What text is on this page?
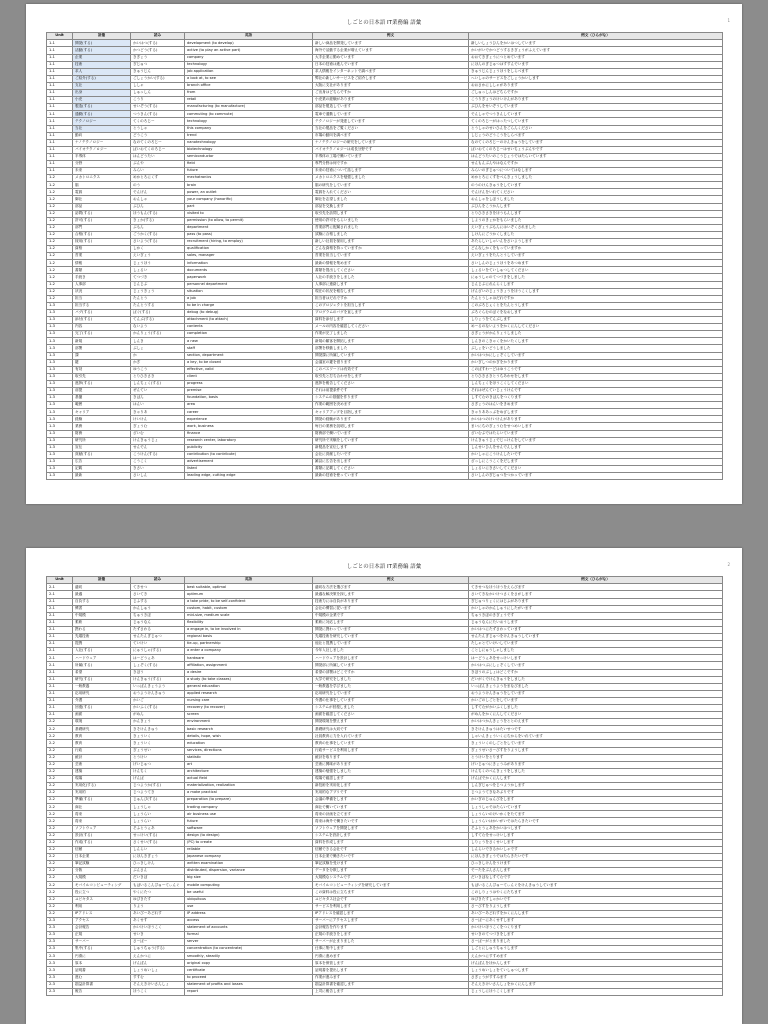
しごとの日本語 IT業務編 語彙	1
Unit	語彙	読み	英語	例文	例文（ひらがな）
1-1	開発(する)	かいはつ(する)	development (to develop)	新しい商品を開発しています	新しいしょうひんをかいはつしています
1-1	活動(する)	かつどう(する)	active (to play an active part)	海外で活動する企業が増えています	かいがいでかつどうするきぎょうがふえています
1-1	企業	きぎょう	company	大手企業に勤めています	おおてきぎょうにつとめています
1-1	技術	ぎじゅつ	technology	日本の技術は進んでいます	にほんのぎじゅつはすすんでいます
1-1	求人	きゅうじん	job application	求人情報をインターネットで調べます	きゅうじんじょうほうをしらべます
1-1	ご紹介(する)	ごしょうかい(する)	a look at, to see	弊社の新しいサービスをご紹介します	へいしゃのサービスをごしょうかいします
1-1	支社	ししゃ	branch office	大阪に支社があります	おおさかにししゃがあります
1-1	出身	しゅっしん	from	ご出身はどちらですか	ごしゅっしんはどちらですか
1-1	小売	こうり	retail	小売業の経験があります	こうりぎょうのけいけんがあります
1-1	製造(する)	せいぞう(する)	manufacturing (to manufacture)	部品を製造しています	ぶひんをせいぞうしています
1-1	通勤(する)	つうきん(する)	commuting (to commute)	電車で通勤しています	でんしゃでつうきんしています
1-1	テクノロジー	てくのろじー	technology	テクノロジーが発達しています	てくのろじーがはったつしています
1-1	当社	とうしゃ	this company	当社の製品をご覧ください	とうしゃのせいひんをごらんください
1-1	動向	どうこう	trend	市場の動向を調べます	しじょうのどうこうをしらべます
1-1	ナノテクノロジー	なのてくのろじー	nanotechnology	ナノテクノロジーの研究をしています	なのてくのろじーのけんきゅうをしています
1-1	バイオテクノロジー	ばいおてくのろじー	biotechnology	バイオテクノロジーは成長分野です	ばいおてくのろじーはせいちょうぶんやです
1-1	半導体	はんどうたい	semiconductor	半導体の工場で働いています	はんどうたいのこうじょうではたらいています
1-1	分野	ぶんや	field	専門分野は何ですか	せんもんぶんやはなんですか
1-1	未来	みらい	future	未来の技術について話します	みらいのぎじゅつについてはなします
1-2	メカトロニクス	めかとろにくす	mechatronics	メカトロニクスを勉強しました	めかとろにくすをべんきょうしました
1-2	脳	のう	brain	脳の研究をしています	のうのけんきゅうをしています
1-2	電源	でんげん	power, an outlet	電源を入れてください	でんげんをいれてください
1-2	御社	おんしゃ	your company (honorific)	御社を志望しました	おんしゃをしぼうしました
1-2	部品	ぶひん	part	部品を交換します	ぶひんをこうかんします
1-2	訪問(する)	ほうもん(する)	visited to	取引先を訪問します	とりひきさきをほうもんします
1-2	許可(する)	きょか(する)	permission (to allow, to permit)	使用の許可をもらいました	しようのきょかをもらいました
1-2	部門	ぶもん	department	営業部門に配属されました	えいぎょうぶもんにはいぞくされました
1-2	合格(する)	ごうかく(する)	pass (to pass)	試験に合格しました	しけんにごうかくしました
1-2	採用(する)	さいよう(する)	recruitment (hiring, to employ)	新しい社員を採用します	あたらしいしゃいんをさいようします
1-2	資格	しかく	qualification	どんな資格を持っていますか	どんなしかくをもっていますか
1-2	営業	えいぎょう	sales, manager	営業を担当しています	えいぎょうをたんとうしています
1-2	情報	じょうほう	information	最新の情報を集めます	さいしんのじょうほうをあつめます
1-2	書類	しょるい	documents	書類を提出してください	しょるいをていしゅつしてください
1-2	手続き	てつづき	paperwork	入社の手続きをしました	にゅうしゃのてつづきをしました
1-2	人事部	じんじぶ	personnel department	人事部に連絡します	じんじぶにれんらくします
1-2	状況	じょうきょう	situation	現在の状況を報告します	げんざいのじょうきょうをほうこくします
1-2	担当	たんとう	a job	担当者はだれですか	たんとうしゃはだれですか
1-3	担当する	たんとうする	to be in charge	このプロジェクトを担当します	このぷろじぇくとをたんとうします
1-3	バグ(する)	ばぐ(する)	debug (to debug)	プログラムのバグを直します	ぷろぐらむのばぐをなおします
1-3	添付(する)	てんぷ(する)	attachment (to attach)	資料を添付します	しりょうをてんぷします
1-3	内容	ないよう	contents	メールの内容を確認してください	めーるのないようをかくにんしてください
1-3	完了(する)	かんりょう(する)	completion	作業が完了しました	さぎょうがかんりょうしました
1-3	新規	しんき	a new	新規の顧客を開拓します	しんきのこきゃくをかいたくします
1-3	部署	ぶしょ	staff	部署を移動しました	ぶしょをいどうしました
1-3	課	か	section, department	開発課に所属しています	かいはつかにしょぞくしています
1-3	鍵	かぎ	a key, to be closed	会議室の鍵を借ります	かいぎしつのかぎをかります
1-3	有効	ゆうこう	effective, valid	このパスワードは有効です	このぱすわーどはゆうこうです
1-3	取引先	とりひきさき	client	取引先と打ち合わせをします	とりひきさきとうちあわせをします
1-3	進捗(する)	しんちょく(する)	progress	進捗を報告してください	しんちょくをほうこくしてください
1-3	前提	ぜんてい	premise	それは前提条件です	それはぜんていじょうけんです
1-3	基盤	きばん	foundation, basis	システムの基盤を作ります	しすてむのきばんをつくります
1-3	範囲	はんい	area	作業の範囲を決めます	さぎょうのはんいをきめます
1-3	キャリア	きゃりあ	career	キャリアアップを目指します	きゃりああっぷをめざします
1-3	経験	けいけん	experience	開発の経験があります	かいはつのけいけんがあります
1-3	業務	ぎょうむ	work, business	毎日の業務を説明します	まいにちのぎょうむをせつめいします
1-3	財務	ざいむ	finance	財務部で働いています	ざいむぶではたらいています
1-3	研究所	けんきゅうじょ	research center, laboratory	研究所で実験をしています	けんきゅうじょでじっけんをしています
1-3	宣伝	せんでん	publicity	新製品を宣伝します	しんせいひんをせんでんします
1-3	貢献(する)	こうけん(する)	contribution (to contribute)	会社に貢献したいです	かいしゃにこうけんしたいです
1-3	広告	こうこく	advertisement	雑誌に広告を出します	ざっしにこうこくをだします
1-3	記載	きさい	listed	書類に記載してください	しょるいにきさいしてください
1-3	最新	さいしん	leading edge, cutting edge	最新の技術を使っています	さいしんのぎじゅつをつかっています
しごとの日本語 IT業務編 語彙	2
Unit	語彙	読み	英語	例文	例文（ひらがな）
2-1	適切	てきせつ	best suitable, optimal	適切な方法を選びます	てきせつなほうほうをえらびます
2-1	最適	さいてき	optimum	最適な解決策を探します	さいてきなかいけつさくをさがします
2-1	自負する	じふする	a take pride, to be self-confident	技術力には自負があります	ぎじゅつりょくにはじふがあります
2-1	慣習	かんしゅう	custom, habit, custom	会社の慣習に従います	かいしゃのかんしゅうにしたがいます
2-1	中規模	ちゅうきぼ	mid-size, medium scale	中規模の企業です	ちゅうきぼのきぎょうです
2-1	柔軟	じゅうなん	flexibility	柔軟に対応します	じゅうなんにたいおうします
2-1	携わる	たずさわる	a engage in, to be involved in	開発に携わっています	かいはつにたずさわっています
2-1	先端技術	せんたんぎじゅつ	regional basis	先端技術を研究しています	せんたんぎじゅつをけんきゅうしています
2-1	提携	ていけい	tie-up, partnership	他社と提携しています	たしゃとていけいしています
2-1	入社(する)	にゅうしゃ(する)	a enter a company	今年入社しました	ことしにゅうしゃしました
2-1	ハードウェア	はーどうぇあ	hardware	ハードウェアを設計します	はーどうぇあをせっけいします
2-1	所属(する)	しょぞく(する)	affiliation, assignment	開発部に所属しています	かいはつぶにしょぞくしています
2-1	希望	きぼう	a desire	希望の部署はどこですか	きぼうのぶしょはどこですか
2-1	研究(する)	けんきゅう(する)	a study (to take classes)	大学で研究をしました	だいがくでけんきゅうをしました
2-1	一般教養	いっぱんきょうよう	general education	一般教養を学びました	いっぱんきょうようをまなびました
2-1	応用研究	おうようけんきゅう	applied research	応用研究をしています	おうようけんきゅうをしています
2-1	介護	かいご	nursing care	介護の仕事をしています	かいごのしごとをしています
2-1	回復(する)	かいふく(する)	recovery (to recover)	システムが回復しました	しすてむがかいふくしました
2-1	画面	がめん	screen	画面を確認してください	がめんをかくにんしてください
2-2	環境	かんきょう	environment	開発環境を整えます	かいはつかんきょうをととのえます
2-2	基礎研究	きそけんきゅう	basic research	基礎研究は大切です	きそけんきゅうはたいせつです
2-2	教育	きょういく	details, hope, wish	社員教育に力を入れています	しゃいんきょういくにちからをいれています
2-2	教育	きょういく	education	教育の仕事をしています	きょういくのしごとをしています
2-2	行政	ぎょうせい	services, directions	行政サービスを利用します	ぎょうせいさーびすをりようします
2-2	統計	とうけい	statistic	統計を取ります	とうけいをとります
2-2	芸術	げいじゅつ	art	芸術に興味があります	げいじゅつにきょうみがあります
2-2	建築	けんちく	architecture	建築の勉強をしました	けんちくのべんきょうをしました
2-2	現場	げんば	actual field	現場で確認します	げんばでかくにんします
2-2	実用化(する)	じつようか(する)	materialization, realization	新技術を実用化します	しんぎじゅつをじつようかします
2-2	実用的	じつようてき	a make practical	実用的なアプリです	じつようてきなあぷりです
2-2	準備(する)	じゅんび(する)	preparation (to prepare)	会議の準備をします	かいぎのじゅんびをします
2-2	商社	しょうしゃ	trading company	商社で働いています	しょうしゃではたらいています
2-2	将来	しょうらい	air business use	将来の計画を立てます	しょうらいのけいかくをたてます
2-2	将来	しょうらい	future	将来は海外で働きたいです	しょうらいはかいがいではたらきたいです
2-2	ソフトウェア	そふとうぇあ	software	ソフトウェアを開発します	そふとうぇあをかいはつします
2-2	設計(する)	せっけい(する)	design (to design)	システムを設計します	しすてむをせっけいします
2-2	作成(する)	さくせい(する)	(PC) to create	資料を作成します	しりょうをさくせいします
2-2	信頼	しんらい	reliable	信頼できる会社です	しんらいできるかいしゃです
2-2	日本企業	にほんきぎょう	Japanese company	日本企業で働きたいです	にほんきぎょうではたらきたいです
2-2	筆記試験	ひっきしけん	written examination	筆記試験を受けます	ひっきしけんをうけます
2-2	分散	ぶんさん	distributed, dispersion, variance	データを分散します	でーたをぶんさんします
2-2	大規模	だいきぼ	big size	大規模なシステムです	だいきぼなしすてむです
2-2	モバイルコンピューティング	もばいるこんぴゅーてぃんぐ	mobile computing	モバイルコンピューティングを研究しています	もばいるこんぴゅーてぃんぐをけんきゅうしています
2-2	役に立つ	やくにたつ	be useful	この資料は役に立ちます	このしりょうはやくにたちます
2-2	ユビキタス	ゆびきたす	ubiquitous	ユビキタス社会です	ゆびきたすしゃかいです
2-2	利用	りよう	use	サービスを利用します	さーびすをりようします
2-2	IPアドレス	あいぴーあどれす	IP address	IPアドレスを確認します	あいぴーあどれすをかくにんします
2-3	アクセス	あくせす	access	サーバーにアクセスします	さーばーにあくせすします
2-3	会計報告	かいけいほうこく	statement of accounts	会計報告を作ります	かいけいほうこくをつくります
2-3	正規	せいき	formal	正規の手続きをします	せいきのてつづきをします
2-3	サーバー	さーばー	server	サーバーが止まりました	さーばーがとまりました
2-3	集中(する)	しゅうちゅう(する)	concentration (to concentrate)	仕事に集中します	しごとにしゅうちゅうします
2-3	円滑に	えんかつに	smoothly, steadily	円滑に進めます	えんかつにすすめます
2-3	原本	げんぽん	original copy	原本を保管します	げんぽんをほかんします
2-3	証明書	しょうめいしょ	certificate	証明書を提出します	しょうめいしょをていしゅつします
2-3	進む	すすむ	to proceed	作業が進みます	さぎょうがすすみます
2-3	損益計算書	そんえきけいさんしょ	statement of profits and losses	損益計算書を確認します	そんえきけいさんしょをかくにんします
2-3	報告	ほうこく	report	上司に報告します	じょうしにほうこくします
